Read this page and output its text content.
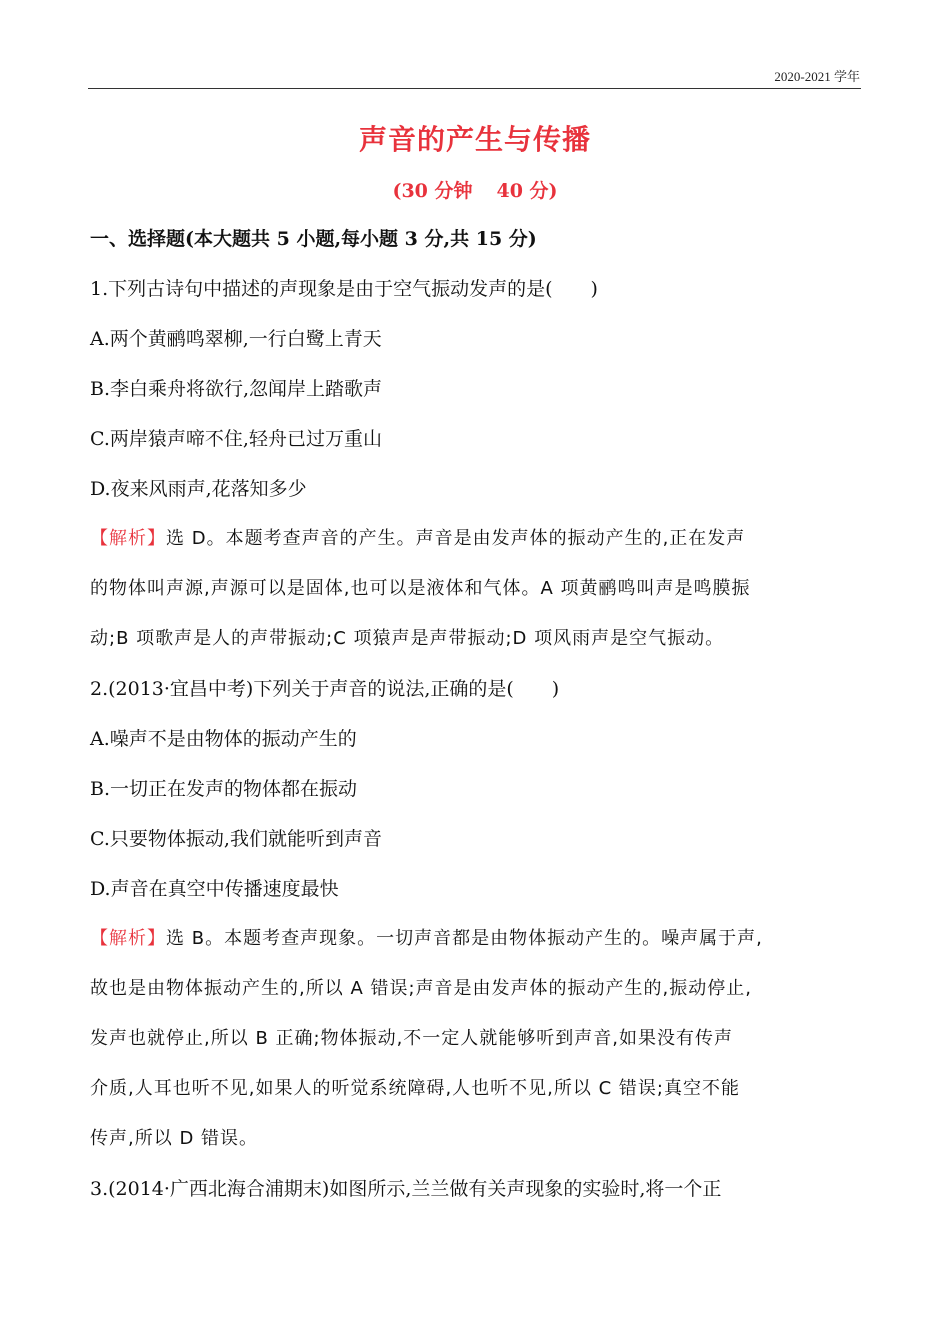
2020-2021 学年
声音的产生与传播
(30 分钟 40 分)
一、选择题(本大题共 5 小题,每小题 3 分,共 15 分)
1.下列古诗句中描述的声现象是由于空气振动发声的是(　　)
A.两个黄鹂鸣翠柳,一行白鹭上青天
B.李白乘舟将欲行,忽闻岸上踏歌声
C.两岸猿声啼不住,轻舟已过万重山
D.夜来风雨声,花落知多少
【解析】选 D。本题考查声音的产生。声音是由发声体的振动产生的,正在发声
的物体叫声源,声源可以是固体,也可以是液体和气体。A 项黄鹂鸣叫声是鸣膜振
动;B 项歌声是人的声带振动;C 项猿声是声带振动;D 项风雨声是空气振动。
2.(2013·宜昌中考)下列关于声音的说法,正确的是(　　)
A.噪声不是由物体的振动产生的
B.一切正在发声的物体都在振动
C.只要物体振动,我们就能听到声音
D.声音在真空中传播速度最快
【解析】选 B。本题考查声现象。一切声音都是由物体振动产生的。噪声属于声,
故也是由物体振动产生的,所以 A 错误;声音是由发声体的振动产生的,振动停止,
发声也就停止,所以 B 正确;物体振动,不一定人就能够听到声音,如果没有传声
介质,人耳也听不见,如果人的听觉系统障碍,人也听不见,所以 C 错误;真空不能
传声,所以 D 错误。
3.(2014·广西北海合浦期末)如图所示,兰兰做有关声现象的实验时,将一个正
